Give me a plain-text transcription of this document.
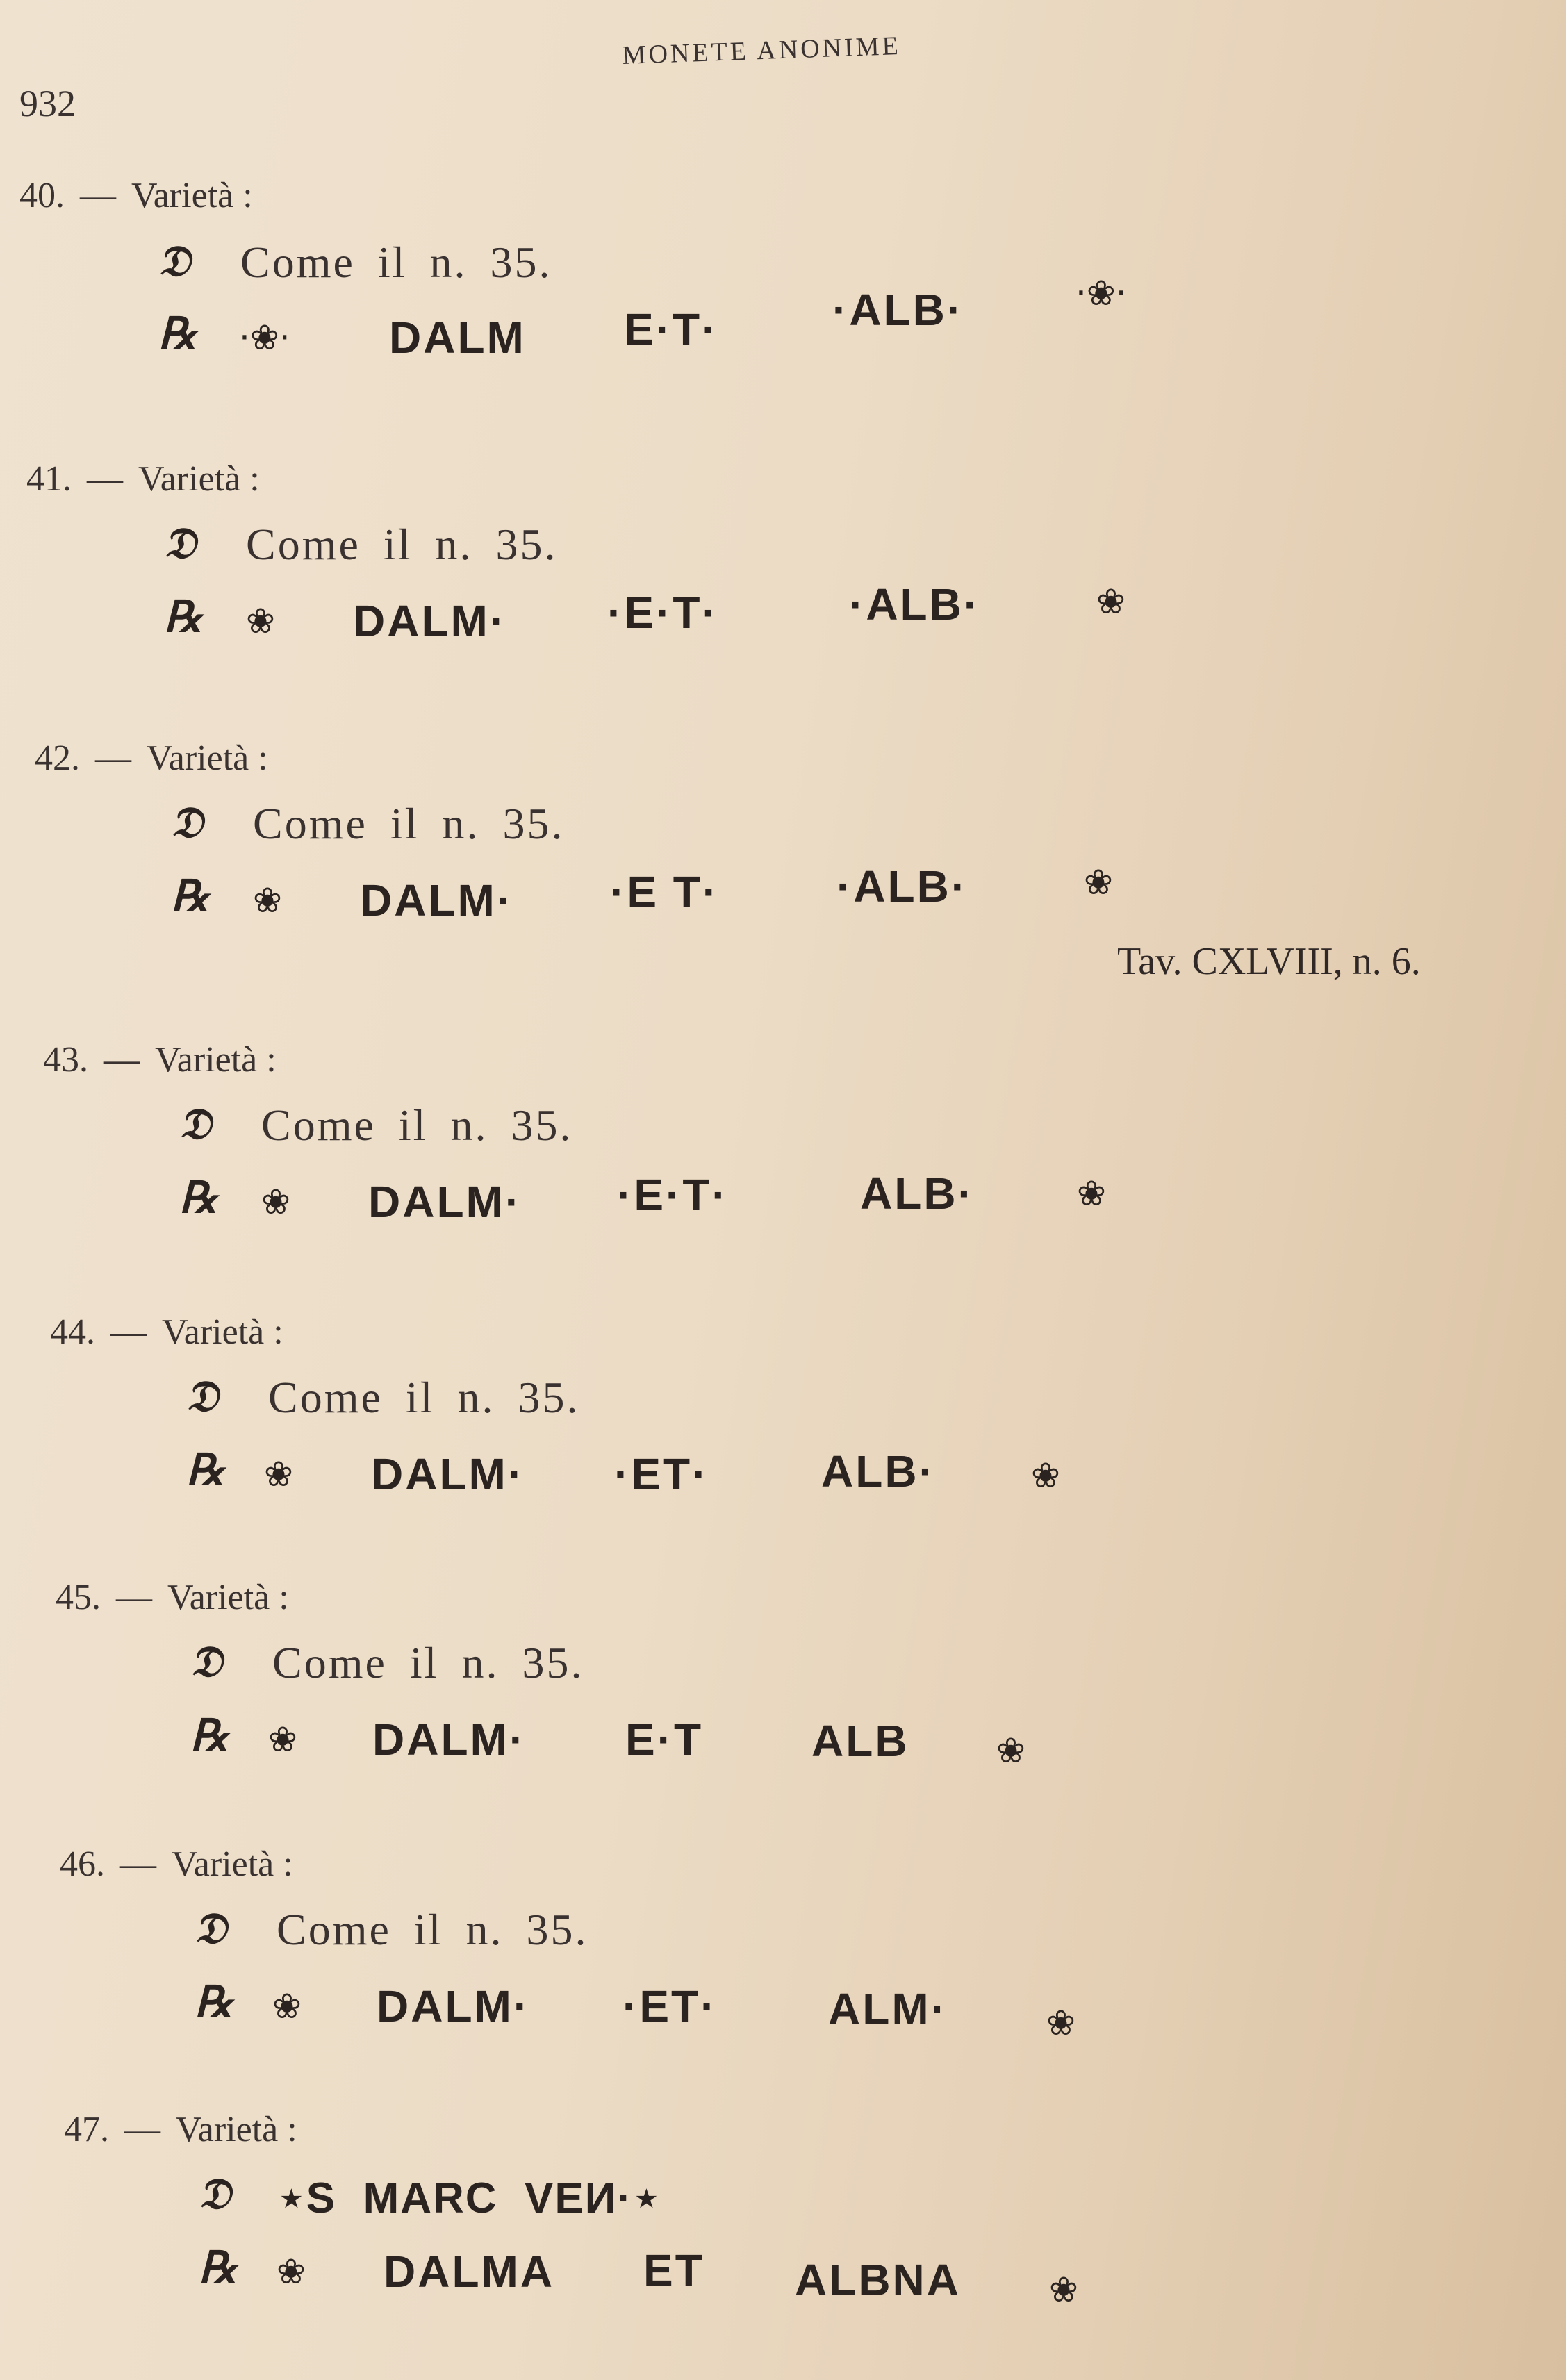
932
MONETE ANONIME
40. — Varietà :
𝔇 Come il n. 35.
℞ ·❀· DALM E·T·	·ALB·	·❀·
41. — Varietà :
𝔇 Come il n. 35.
℞ ❀ DALM· ·E·T·	·ALB·	❀
42. — Varietà :
𝔇 Come il n. 35.
℞ ❀ DALM· ·E T·	·ALB·	❀
Tav. CXLVIII, n. 6.
43. — Varietà :
𝔇 Come il n. 35.
℞ ❀ DALM· ·E·T·	ALB·	❀
44. — Varietà :
𝔇 Come il n. 35.
℞ ❀ DALM· ·ET·	ALB·	❀
45. — Varietà :
𝔇 Come il n. 35.
℞ ❀ DALM· E·T ALB	❀
46. — Varietà :
𝔇 Come il n. 35.
℞ ❀ DALM· ·ET· ALM·	❀
47. — Varietà :
𝔇 ⋆S  MARC  VEИ·⋆
℞ ❀ DALMA ET ALBNA	❀
